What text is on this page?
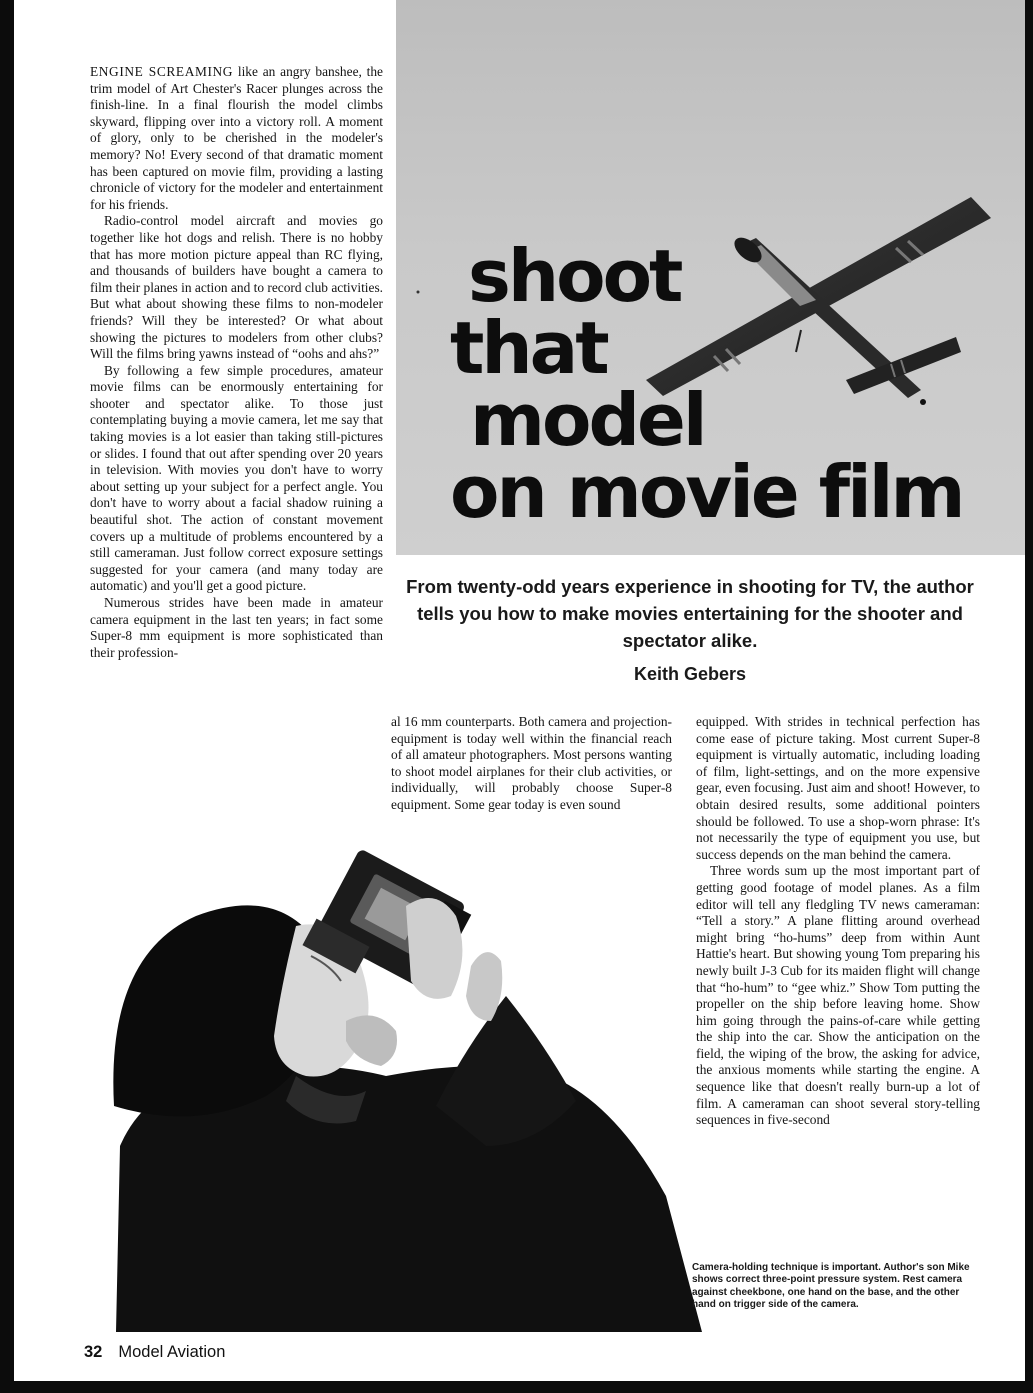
ENGINE SCREAMING like an angry banshee, the trim model of Art Chester's Racer plunges across the finish-line. In a final flourish the model climbs skyward, flipping over into a victory roll. A moment of glory, only to be cherished in the modeler's memory? No! Every second of that dramatic moment has been captured on movie film, providing a lasting chronicle of victory for the modeler and entertainment for his friends.

Radio-control model aircraft and movies go together like hot dogs and relish. There is no hobby that has more motion picture appeal than RC flying, and thousands of builders have bought a camera to film their planes in action and to record club activities. But what about showing these films to non-modeler friends? Will they be interested? Or what about showing the pictures to modelers from other clubs? Will the films bring yawns instead of “oohs and ahs?”

By following a few simple procedures, amateur movie films can be enormously entertaining for shooter and spectator alike. To those just contemplating buying a movie camera, let me say that taking movies is a lot easier than taking still-pictures or slides. I found that out after spending over 20 years in television. With movies you don't have to worry about setting up your subject for a perfect angle. You don't have to worry about a facial shadow ruining a beautiful shot. The action of constant movement covers up a multitude of problems encountered by a still cameraman. Just follow correct exposure settings suggested for your camera (and many today are automatic) and you'll get a good picture.

Numerous strides have been made in amateur camera equipment in the last ten years; in fact some Super-8 mm equipment is more sophisticated than their profession-

shoot
that
model
on movie film
From twenty-odd years experience in shooting for TV, the author tells you how to make movies entertaining for the shooter and spectator alike.
Keith Gebers

al 16 mm counterparts. Both camera and projection-equipment is today well within the financial reach of all amateur photographers. Most persons wanting to shoot model airplanes for their club activities, or individually, will probably choose Super-8 equipment. Some gear today is even sound

equipped. With strides in technical perfection has come ease of picture taking. Most current Super-8 equipment is virtually automatic, including loading of film, light-settings, and on the more expensive gear, even focusing. Just aim and shoot! However, to obtain desired results, some additional pointers should be followed. To use a shop-worn phrase: It's not necessarily the type of equipment you use, but success depends on the man behind the camera.

Three words sum up the most important part of getting good footage of model planes. As a film editor will tell any fledgling TV news cameraman: “Tell a story.” A plane flitting around overhead might bring “ho-hums” deep from within Aunt Hattie's heart. But showing young Tom preparing his newly built J-3 Cub for its maiden flight will change that “ho-hum” to “gee whiz.” Show Tom putting the propeller on the ship before leaving home. Show him going through the pains-of-care while getting the ship into the car. Show the anticipation on the field, the wiping of the brow, the asking for advice, the anxious moments while starting the engine. A sequence like that doesn't really burn-up a lot of film. A cameraman can shoot several story-telling sequences in five-second

Camera-holding technique is important. Author's son Mike shows correct three-point pressure system. Rest camera against cheekbone, one hand on the base, and the other hand on trigger side of the camera.
32 Model Aviation
